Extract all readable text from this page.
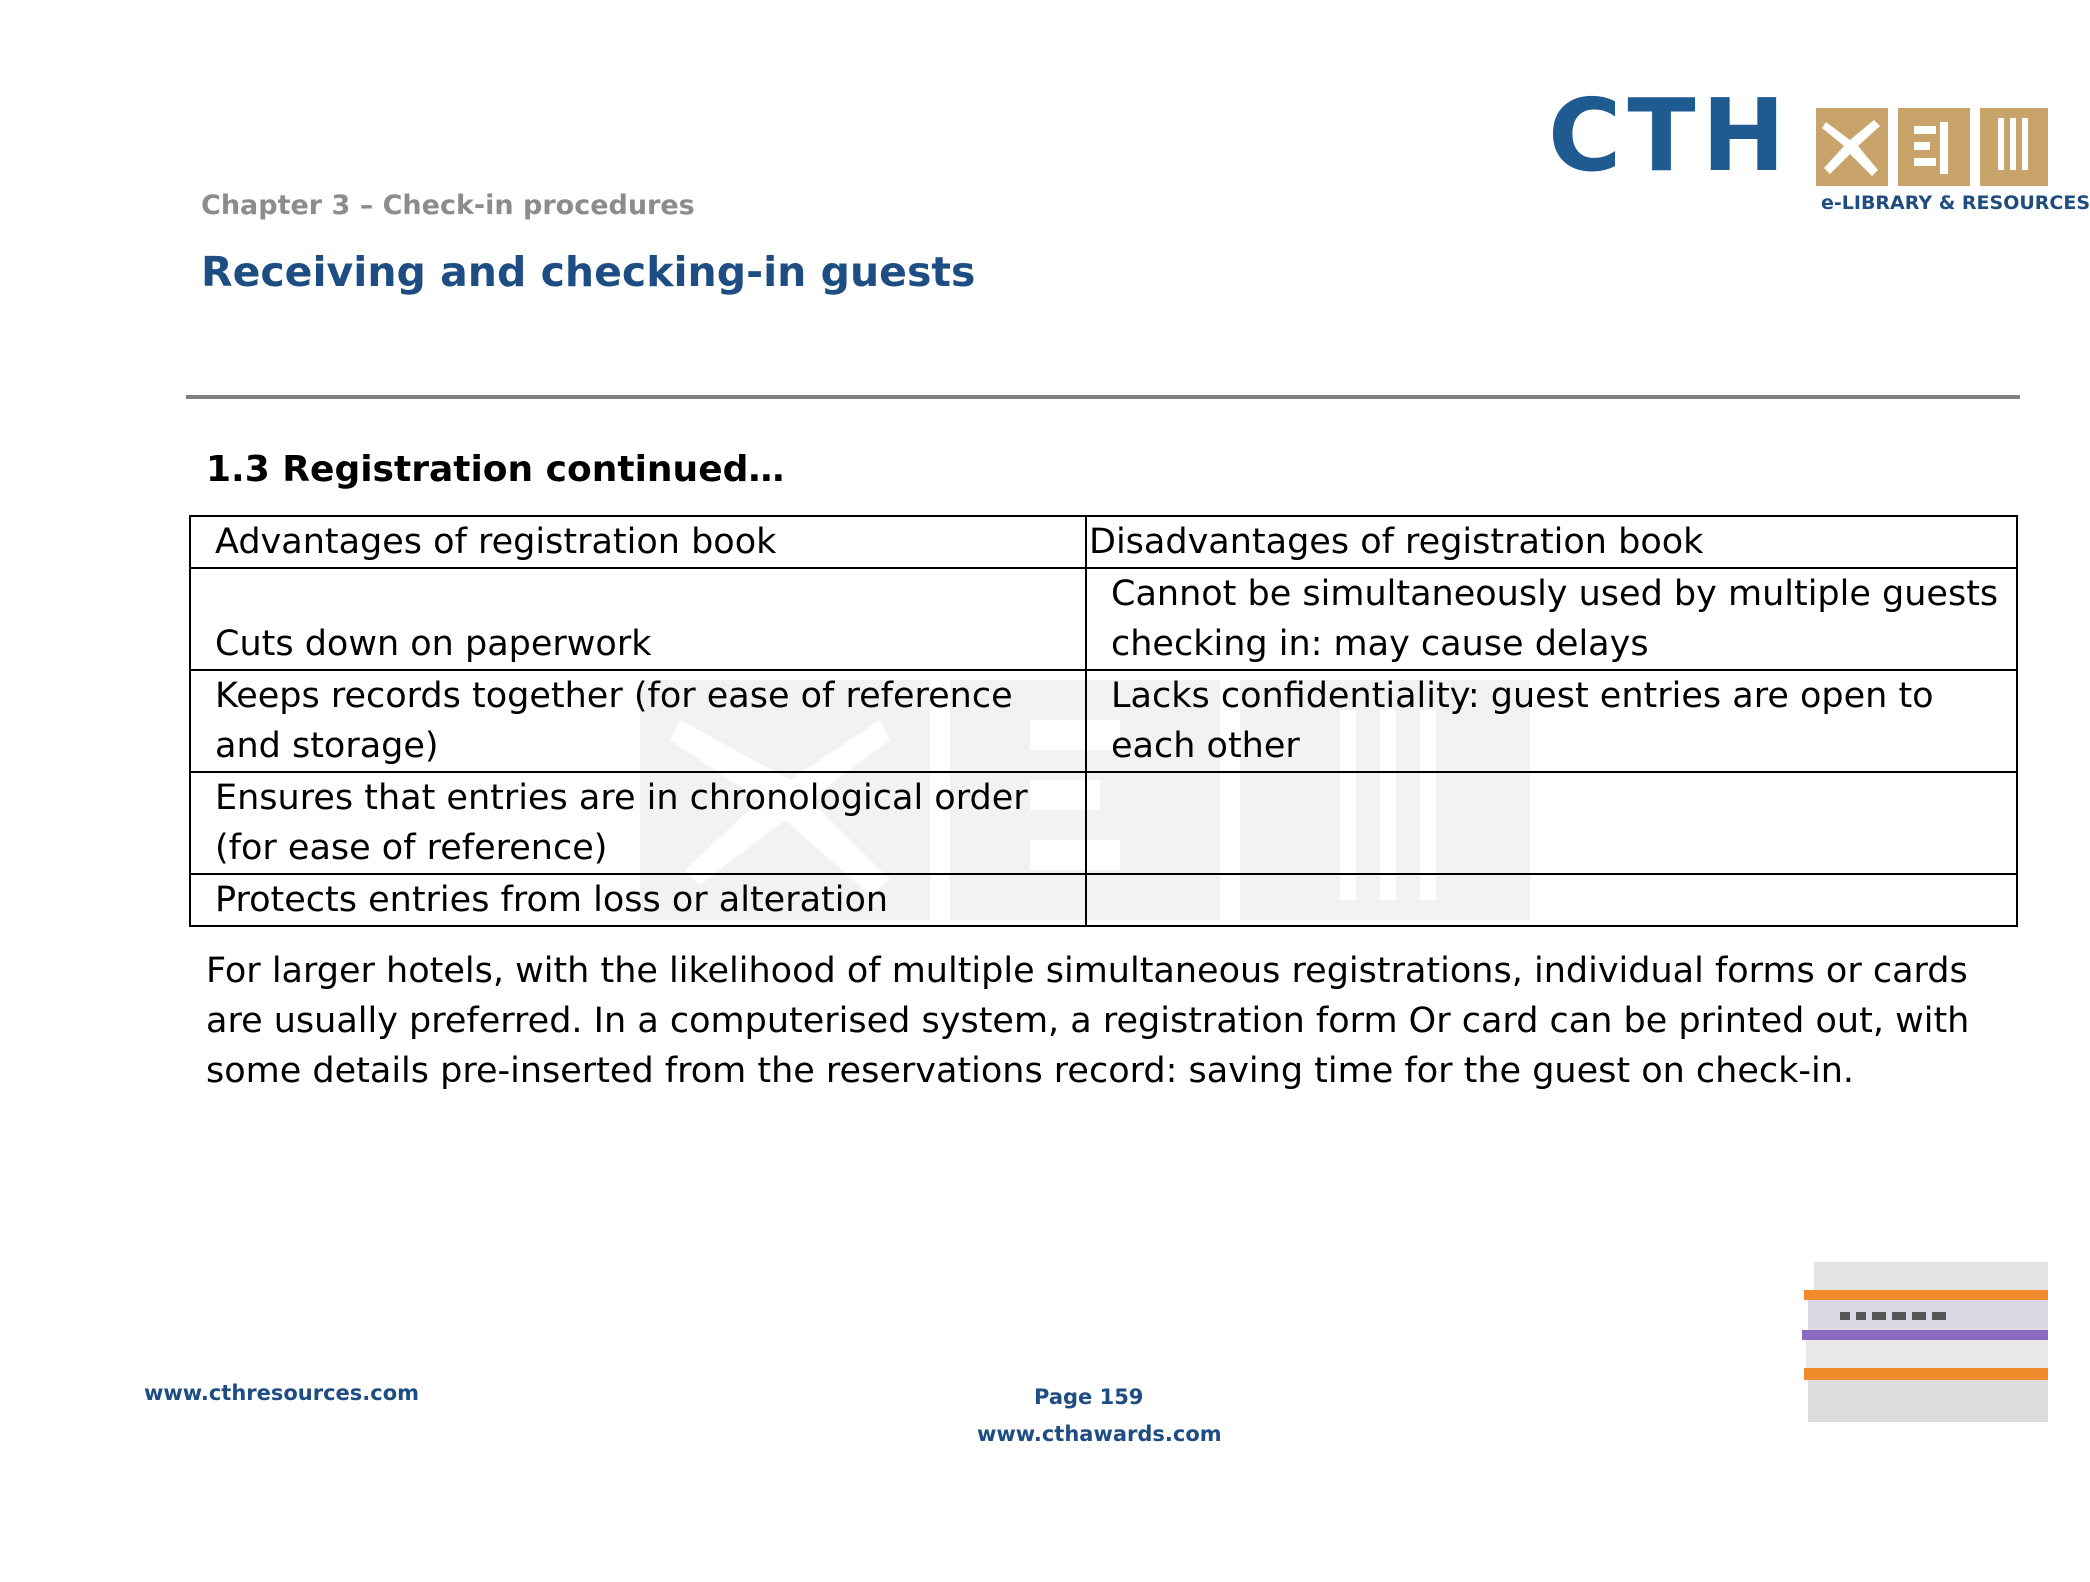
CTH
e-LIBRARY & RESOURCES
Chapter 3 – Check-in procedures
Receiving and checking-in guests
1.3 Registration continued…
Advantages of registration book	Disadvantages of registration book
Cuts down on paperwork	Cannot be simultaneously used by multiple guests checking in: may cause delays
Keeps records together (for ease of reference and storage)	Lacks confidentiality: guest entries are open to each other
Ensures that entries are in chronological order (for ease of reference)	
Protects entries from loss or alteration	
For larger hotels, with the likelihood of multiple simultaneous registrations, individual forms or cards are usually preferred. In a computerised system, a registration form Or card can be printed out, with some details pre-inserted from the reservations record: saving time for the guest on check-in.
www.cthresources.com	Page 159
www.cthawards.com
